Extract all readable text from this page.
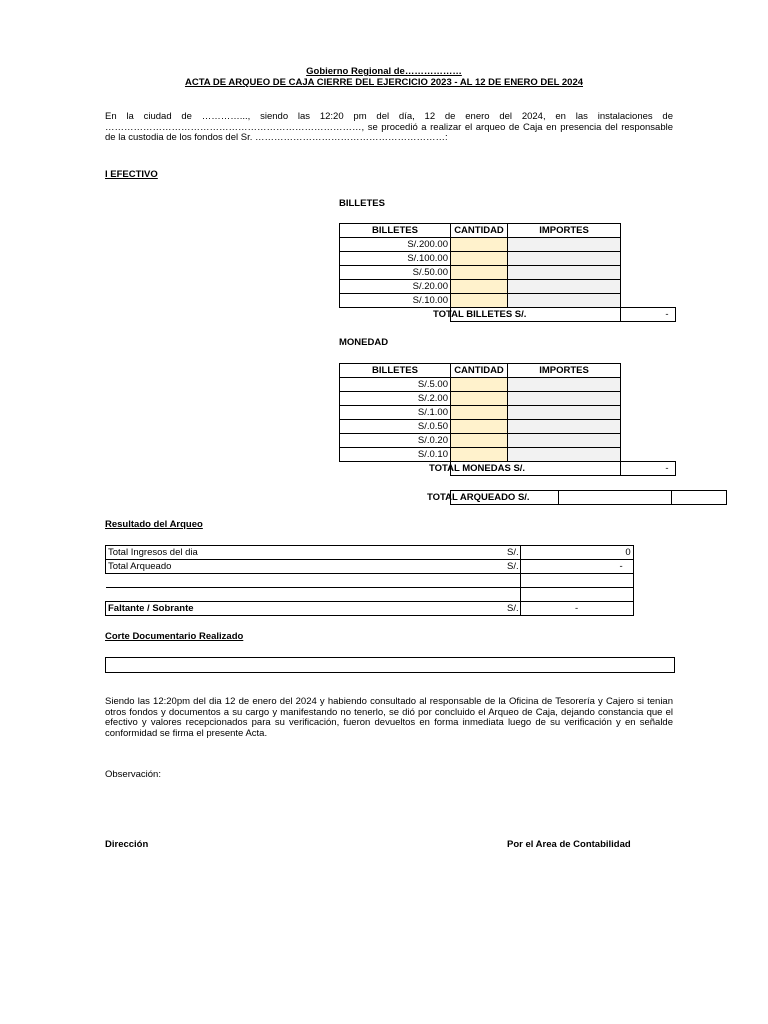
Gobierno Regional de………………
ACTA DE ARQUEO DE CAJA CIERRE DEL EJERCICIO 2023 - AL 12 DE ENERO DEL 2024
En la ciudad de …………..., siendo las 12:20 pm del día, 12 de enero del 2024, en las instalaciones de ………………………………………………………………………, se procedió a realizar el arqueo de Caja en presencia del responsable de la custodia de los fondos del Sr. ……………………………………………………:
I EFECTIVO
BILLETES
BILLETES	CANTIDAD	IMPORTES	
S/.200.00			
S/.100.00			
S/.50.00			
S/.20.00			
S/.10.00			
	TOTAL BILLETES S/.		-
MONEDAD
BILLETES	CANTIDAD	IMPORTES	
S/.5.00			
S/.2.00			
S/.1.00			
S/.0.50			
S/.0.20			
S/.0.10			
	TOTAL MONEDAS S/.		-
TOTAL ARQUEADO S/.		
Resultado del Arqueo
Total Ingresos del dia	S/.	0
Total Arqueado	S/.	-

Faltante / Sobrante	S/.	-
Corte Documentario Realizado
Siendo las 12:20pm del dia 12 de enero del 2024 y habiendo consultado al responsable de la Oficina de Tesorería y Cajero si tenian otros fondos y documentos a su cargo y manifestando no tenerlo, se dió por concluido el Arqueo de Caja, dejando constancia que el efectivo y valores recepcionados para su verificación, fueron devueltos en forma inmediata luego de su verificación y en señalde conformidad se firma el presente Acta.
Observación:
Dirección	Por el Area de Contabilidad
